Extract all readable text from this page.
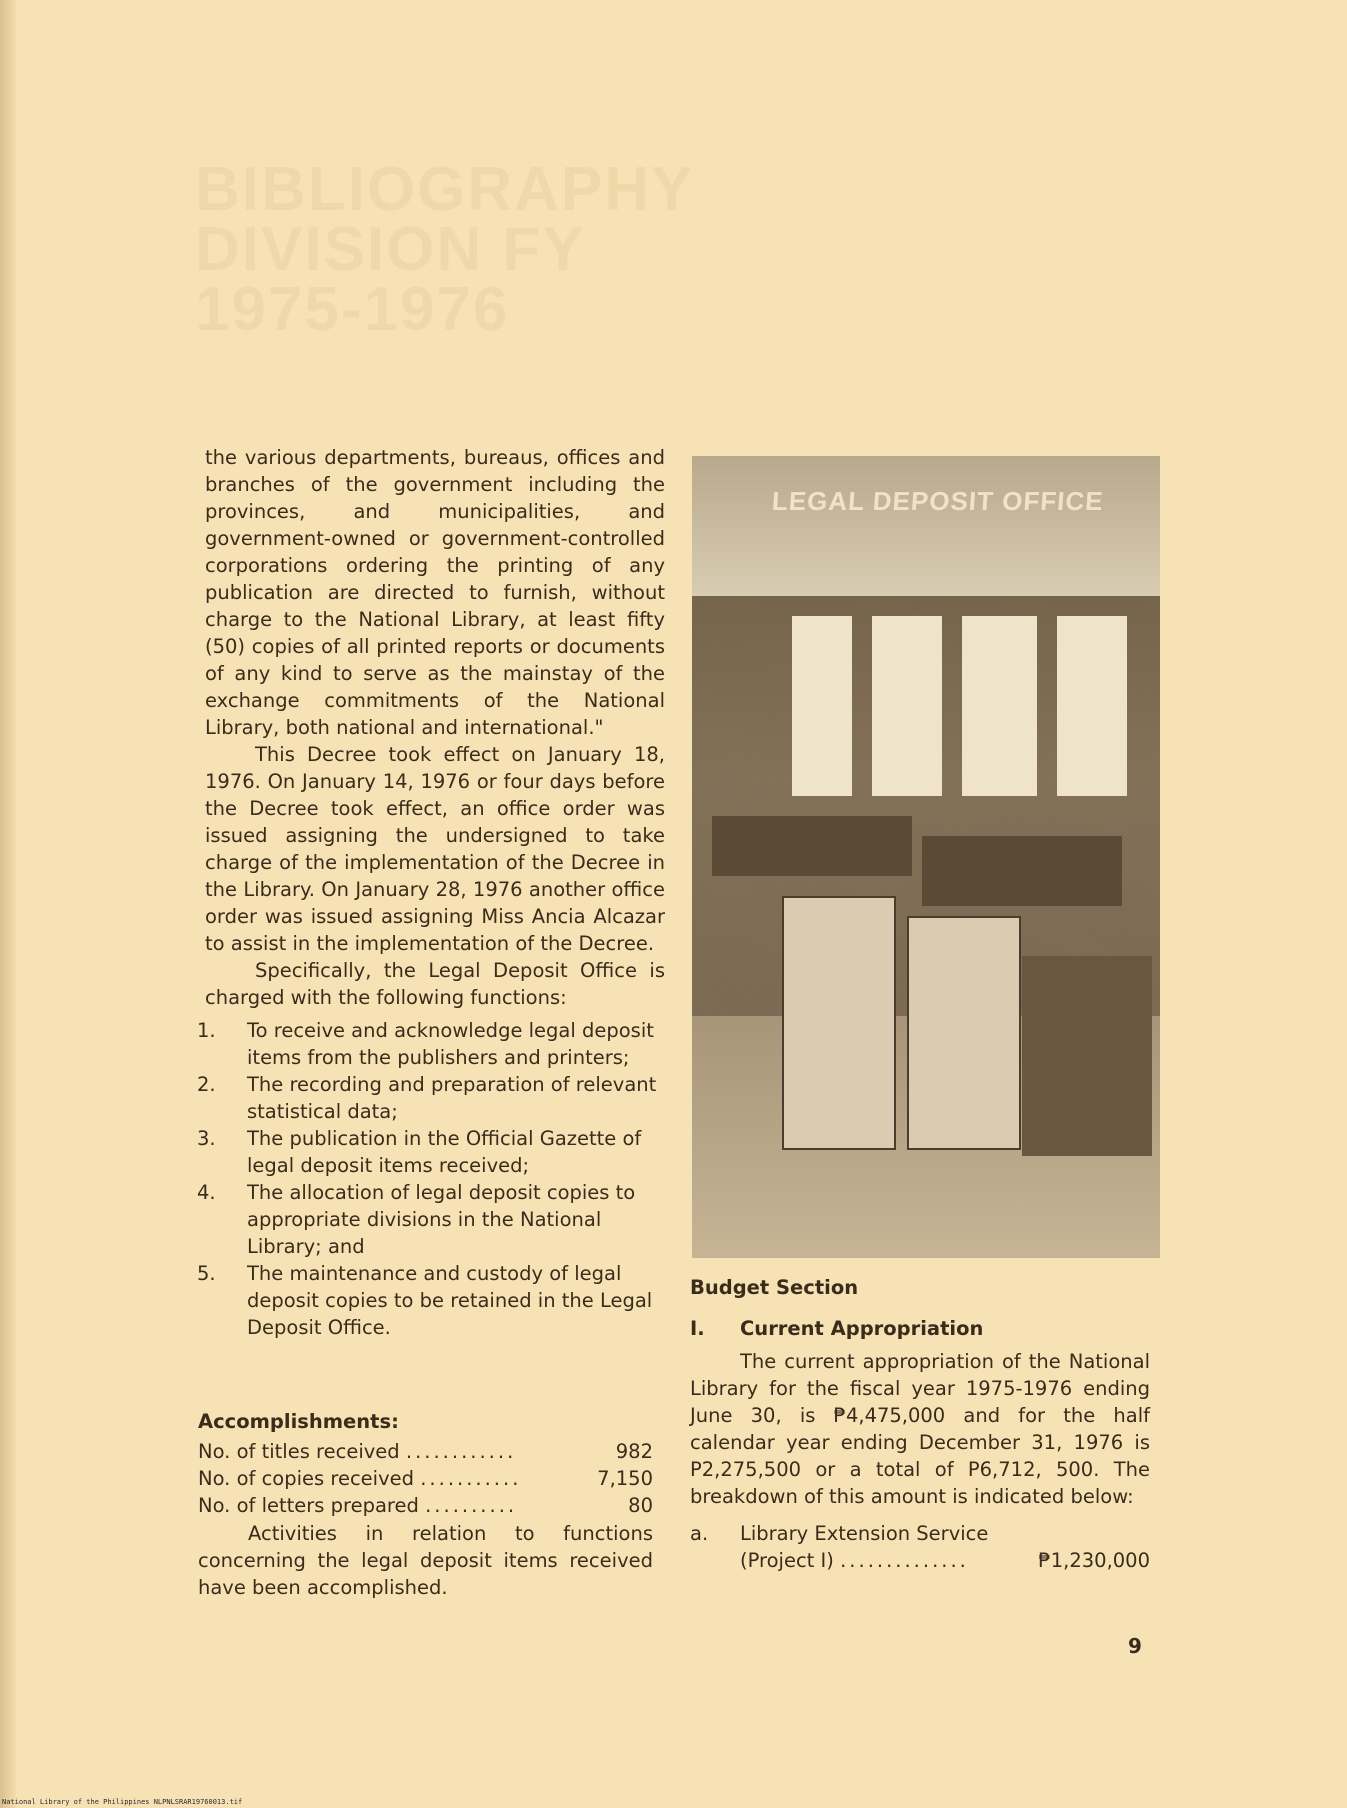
BIBLIOGRAPHY DIVISION FY 1975-1976

the various departments, bureaus, offices and branches of the government including the provinces, and municipalities, and government-owned or government-controlled corporations ordering the printing of any publication are directed to furnish, without charge to the National Library, at least fifty (50) copies of all printed reports or documents of any kind to serve as the mainstay of the exchange commitments of the National Library, both national and international."

This Decree took effect on January 18, 1976. On January 14, 1976 or four days before the Decree took effect, an office order was issued assigning the undersigned to take charge of the implementation of the Decree in the Library. On January 28, 1976 another office order was issued assigning Miss Ancia Alcazar to assist in the implementation of the Decree.

Specifically, the Legal Deposit Office is charged with the following functions:

1.	To receive and acknowledge legal deposit items from the publishers and printers;
2.	The recording and preparation of relevant statistical data;
3.	The publication in the Official Gazette of legal deposit items received;
4.	The allocation of legal deposit copies to appropriate divisions in the National Library; and
5.	The maintenance and custody of legal deposit copies to be retained in the Legal Deposit Office.
Accomplishments:
No. of titles received ............	982
No. of copies received ...........	7,150
No. of letters prepared ..........	80
Activities in relation to functions concerning the legal deposit items received have been accomplished.
LEGAL DEPOSIT OFFICE
Budget Section
I.	Current Appropriation

The current appropriation of the National Library for the fiscal year 1975-1976 ending June 30, is ₱4,475,000 and for the half calendar year ending December 31, 1976 is P2,275,500 or a total of P6,712, 500. The breakdown of this amount is indicated below:

a.	Library Extension Service
(Project I) ..............	₱1,230,000
9
National Library of the Philippines NLPNLSRAR19760013.tif
